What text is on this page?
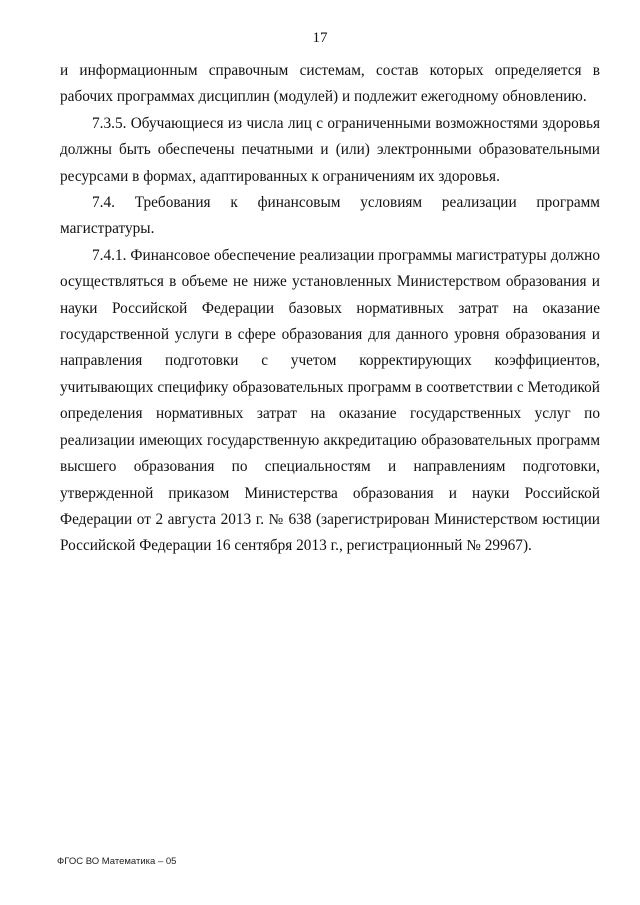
17

и информационным справочным системам, состав которых определяется в рабочих программах дисциплин (модулей) и подлежит ежегодному обновлению.

7.3.5. Обучающиеся из числа лиц с ограниченными возможностями здоровья должны быть обеспечены печатными и (или) электронными образовательными ресурсами в формах, адаптированных к ограничениям их здоровья.

7.4. Требования к финансовым условиям реализации программ магистратуры.

7.4.1. Финансовое обеспечение реализации программы магистратуры должно осуществляться в объеме не ниже установленных Министерством образования и науки Российской Федерации базовых нормативных затрат на оказание государственной услуги в сфере образования для данного уровня образования и направления подготовки с учетом корректирующих коэффициентов, учитывающих специфику образовательных программ в соответствии с Методикой определения нормативных затрат на оказание государственных услуг по реализации имеющих государственную аккредитацию образовательных программ высшего образования по специальностям и направлениям подготовки, утвержденной приказом Министерства образования и науки Российской Федерации от 2 августа 2013 г. № 638 (зарегистрирован Министерством юстиции Российской Федерации 16 сентября 2013 г., регистрационный № 29967).

ФГОС ВО Математика – 05
